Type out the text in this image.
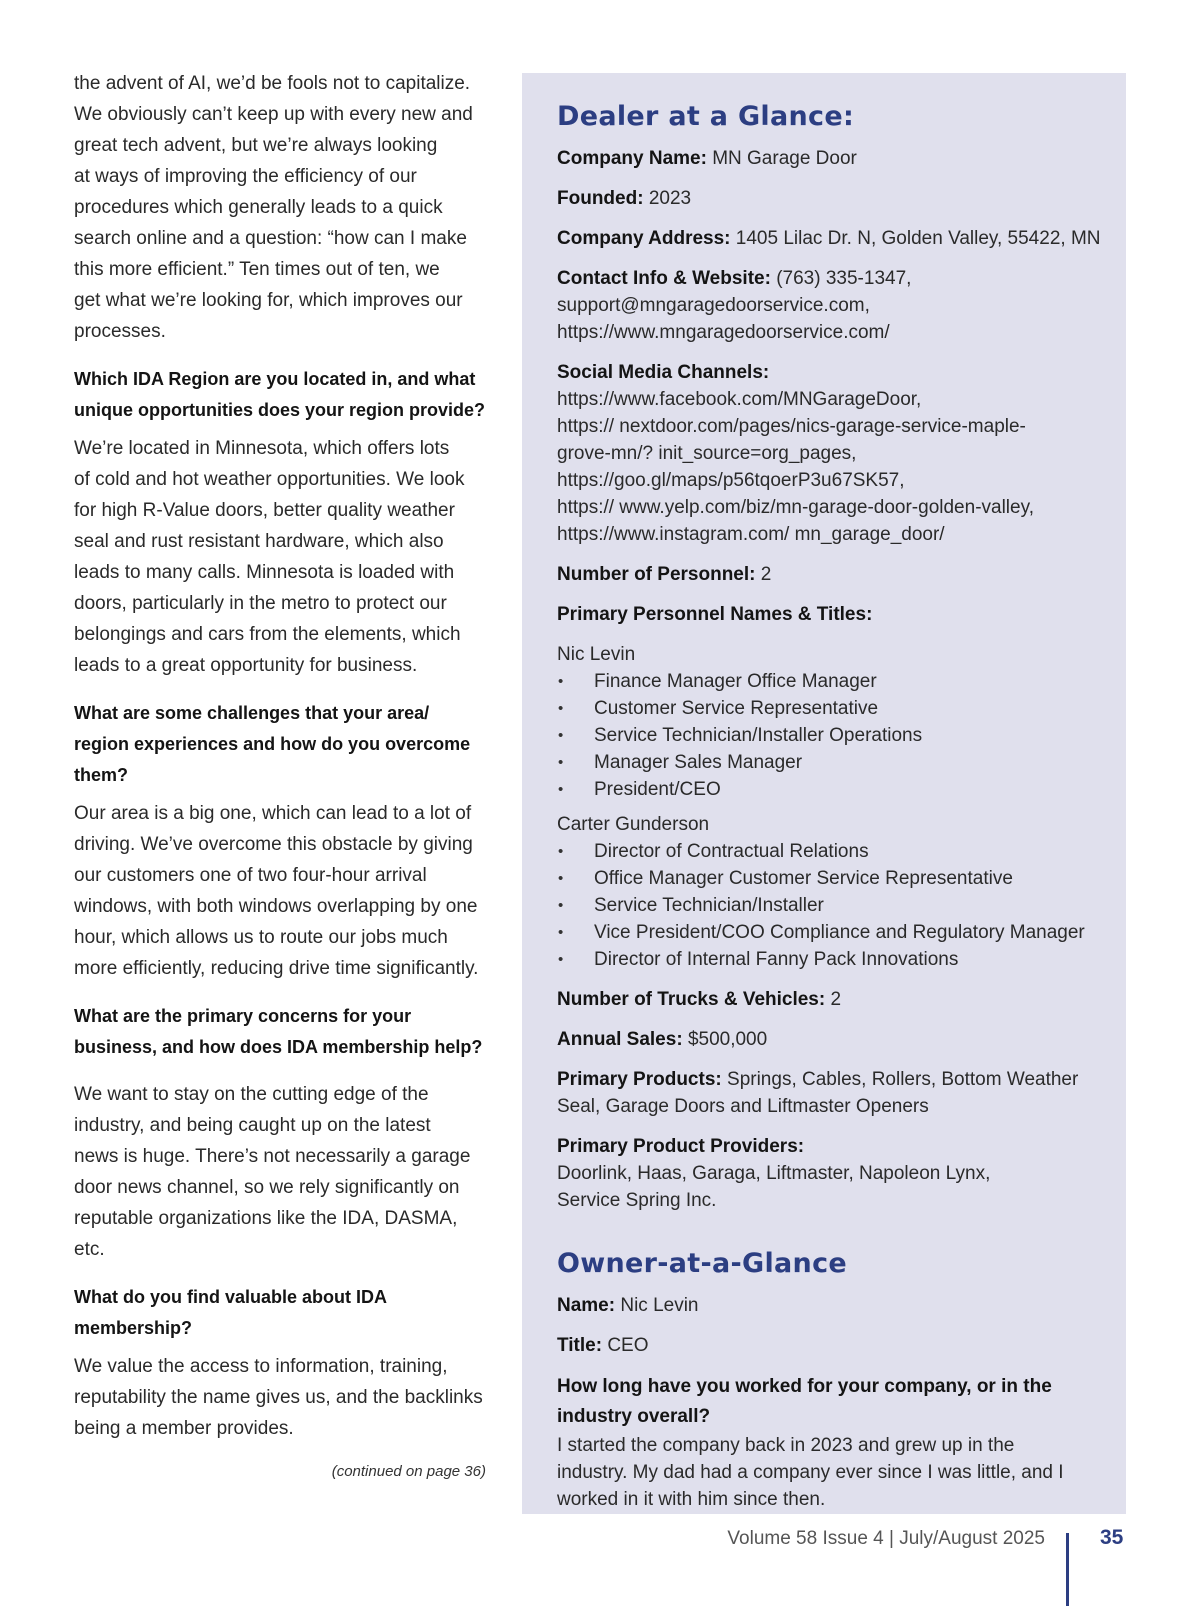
the advent of AI, we’d be fools not to capitalize.
We obviously can’t keep up with every new and
great tech advent, but we’re always looking
at ways of improving the efficiency of our
procedures which generally leads to a quick
search online and a question: “how can I make
this more efficient.” Ten times out of ten, we
get what we’re looking for, which improves our
processes.

Which IDA Region are you located in, and what
unique opportunities does your region provide?

We’re located in Minnesota, which offers lots
of cold and hot weather opportunities. We look
for high R-Value doors, better quality weather
seal and rust resistant hardware, which also
leads to many calls. Minnesota is loaded with
doors, particularly in the metro to protect our
belongings and cars from the elements, which
leads to a great opportunity for business.

What are some challenges that your area/
region experiences and how do you overcome
them?

Our area is a big one, which can lead to a lot of
driving. We’ve overcome this obstacle by giving
our customers one of two four-hour arrival
windows, with both windows overlapping by one
hour, which allows us to route our jobs much
more efficiently, reducing drive time significantly.

What are the primary concerns for your
business, and how does IDA membership help?

We want to stay on the cutting edge of the
industry, and being caught up on the latest
news is huge. There’s not necessarily a garage
door news channel, so we rely significantly on
reputable organizations like the IDA, DASMA, etc.

What do you find valuable about IDA
membership?

We value the access to information, training,
reputability the name gives us, and the backlinks
being a member provides.

(continued on page 36)
Dealer at a Glance:

Company Name: MN Garage Door

Founded: 2023

Company Address: 1405 Lilac Dr. N, Golden Valley, 55422, MN

Contact Info & Website: (763) 335-1347,
support@mngaragedoorservice.com,
https://www.mngaragedoorservice.com/
Social Media Channels:
https://www.facebook.com/MNGarageDoor,
https:// nextdoor.com/pages/nics-garage-service-maple-
grove-mn/? init_source=org_pages,
https://goo.gl/maps/p56tqoerP3u67SK57,
https:// www.yelp.com/biz/mn-garage-door-golden-valley,
https://www.instagram.com/ mn_garage_door/

Number of Personnel: 2

Primary Personnel Names & Titles:

Nic Levin
• Finance Manager Office Manager
• Customer Service Representative
• Service Technician/Installer Operations
• Manager Sales Manager
• President/CEO
Carter Gunderson
• Director of Contractual Relations
• Office Manager Customer Service Representative
• Service Technician/Installer
• Vice President/COO Compliance and Regulatory Manager
• Director of Internal Fanny Pack Innovations

Number of Trucks & Vehicles: 2

Annual Sales: $500,000

Primary Products: Springs, Cables, Rollers, Bottom Weather
Seal, Garage Doors and Liftmaster Openers
Primary Product Providers:
Doorlink, Haas, Garaga, Liftmaster, Napoleon Lynx,
Service Spring Inc.
Owner-at-a-Glance

Name: Nic Levin

Title: CEO

How long have you worked for your company, or in the
industry overall?

I started the company back in 2023 and grew up in the
industry. My dad had a company ever since I was little, and I
worked in it with him since then.
Volume 58 Issue 4 | July/August 2025	35
